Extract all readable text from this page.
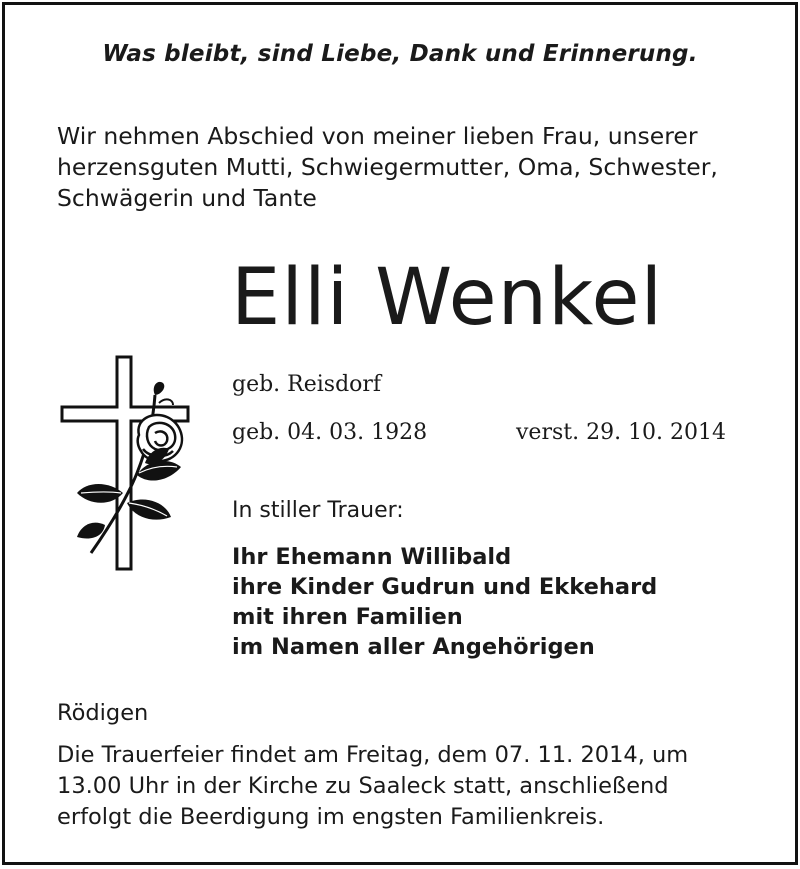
Was bleibt, sind Liebe, Dank und Erinnerung.

Wir nehmen Abschied von meiner lieben Frau, unserer
herzensguten Mutti, Schwiegermutter, Oma, Schwester,
Schwägerin und Tante

Elli Wenkel

geb. Reisdorf

geb. 04. 03. 1928	verst. 29. 10. 2014

In stiller Trauer:

Ihr Ehemann Willibald
ihre Kinder Gudrun und Ekkehard
mit ihren Familien
im Namen aller Angehörigen

Rödigen

Die Trauerfeier findet am Freitag, dem 07. 11. 2014, um
13.00 Uhr in der Kirche zu Saaleck statt, anschließend
erfolgt die Beerdigung im engsten Familienkreis.
